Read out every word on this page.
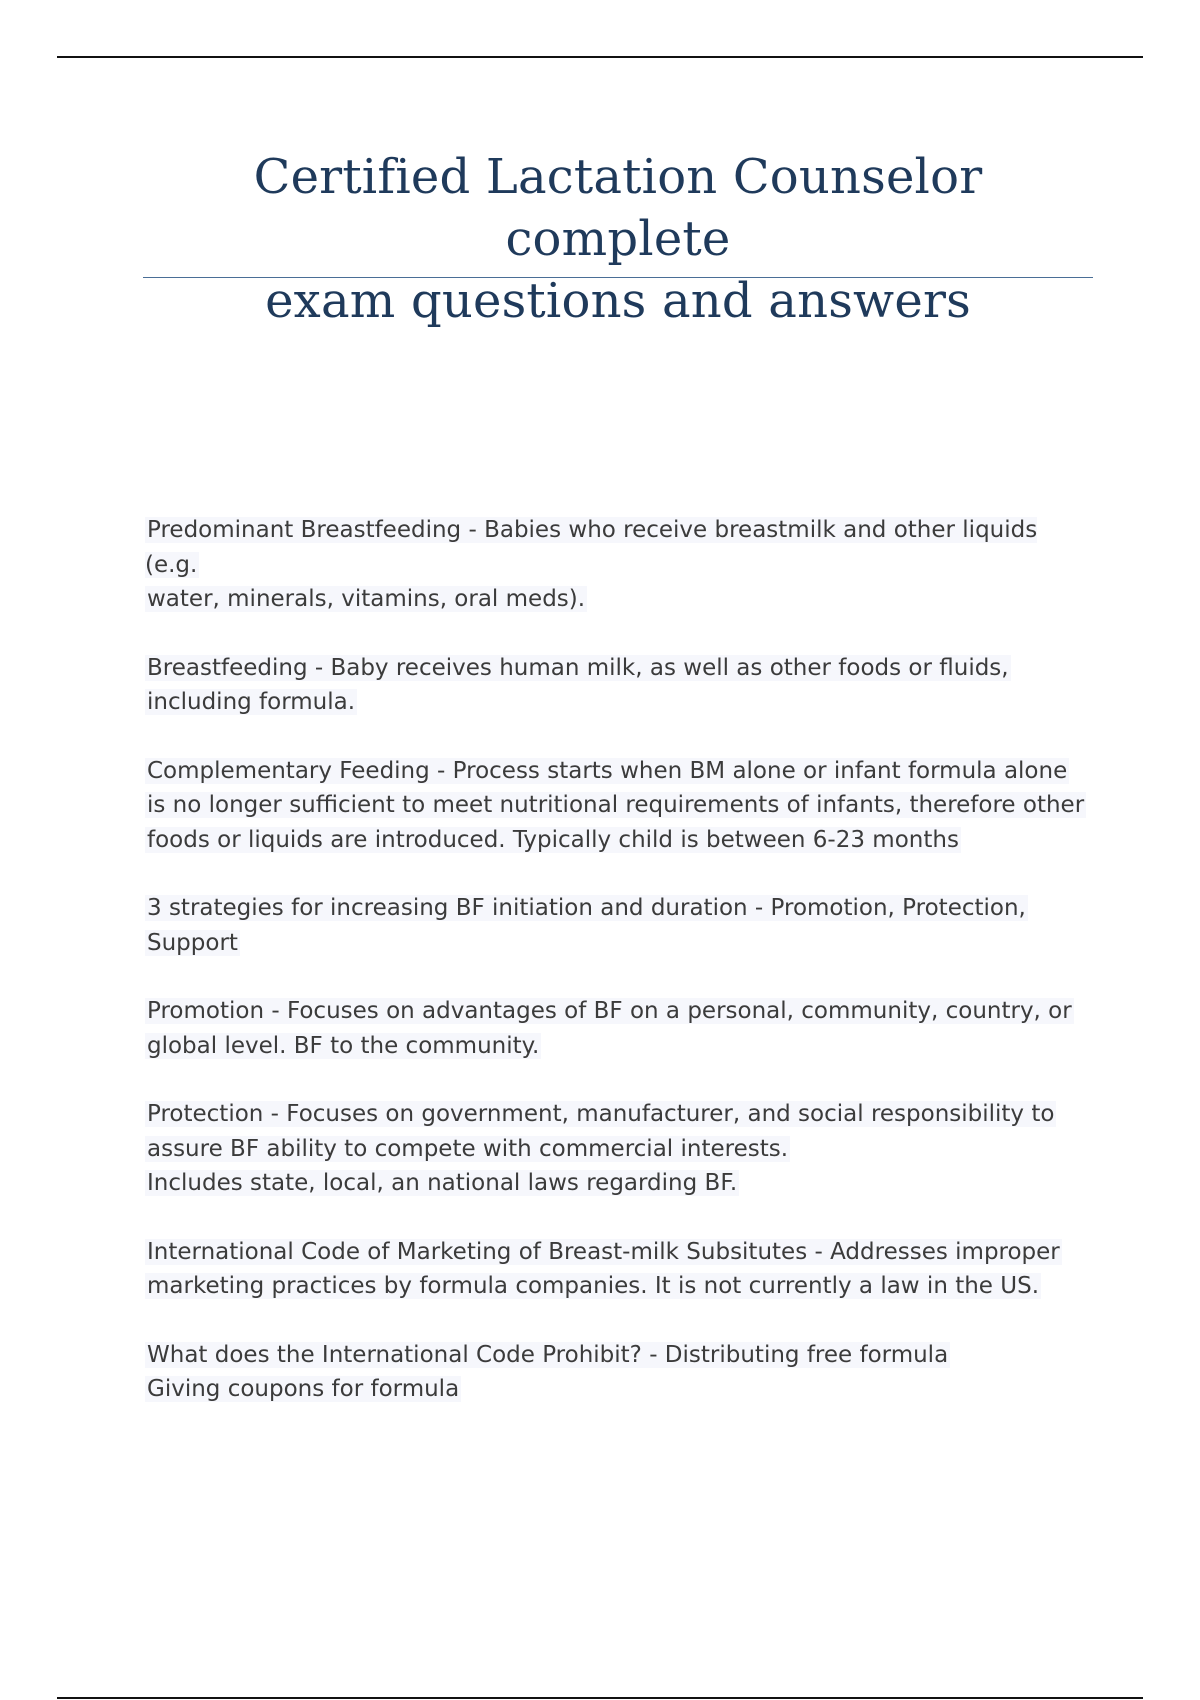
Certified Lactation Counselor complete
exam questions and answers

Predominant Breastfeeding - Babies who receive breastmilk and other liquids (e.g.
water, minerals, vitamins, oral meds).

Breastfeeding - Baby receives human milk, as well as other foods or fluids,
including formula.

Complementary Feeding - Process starts when BM alone or infant formula alone
is no longer sufficient to meet nutritional requirements of infants, therefore other
foods or liquids are introduced. Typically child is between 6-23 months

3 strategies for increasing BF initiation and duration - Promotion, Protection,
Support

Promotion - Focuses on advantages of BF on a personal, community, country, or
global level. BF to the community.

Protection - Focuses on government, manufacturer, and social responsibility to
assure BF ability to compete with commercial interests.
Includes state, local, an national laws regarding BF.

International Code of Marketing of Breast-milk Subsitutes - Addresses improper
marketing practices by formula companies. It is not currently a law in the US.

What does the International Code Prohibit? - Distributing free formula
Giving coupons for formula
